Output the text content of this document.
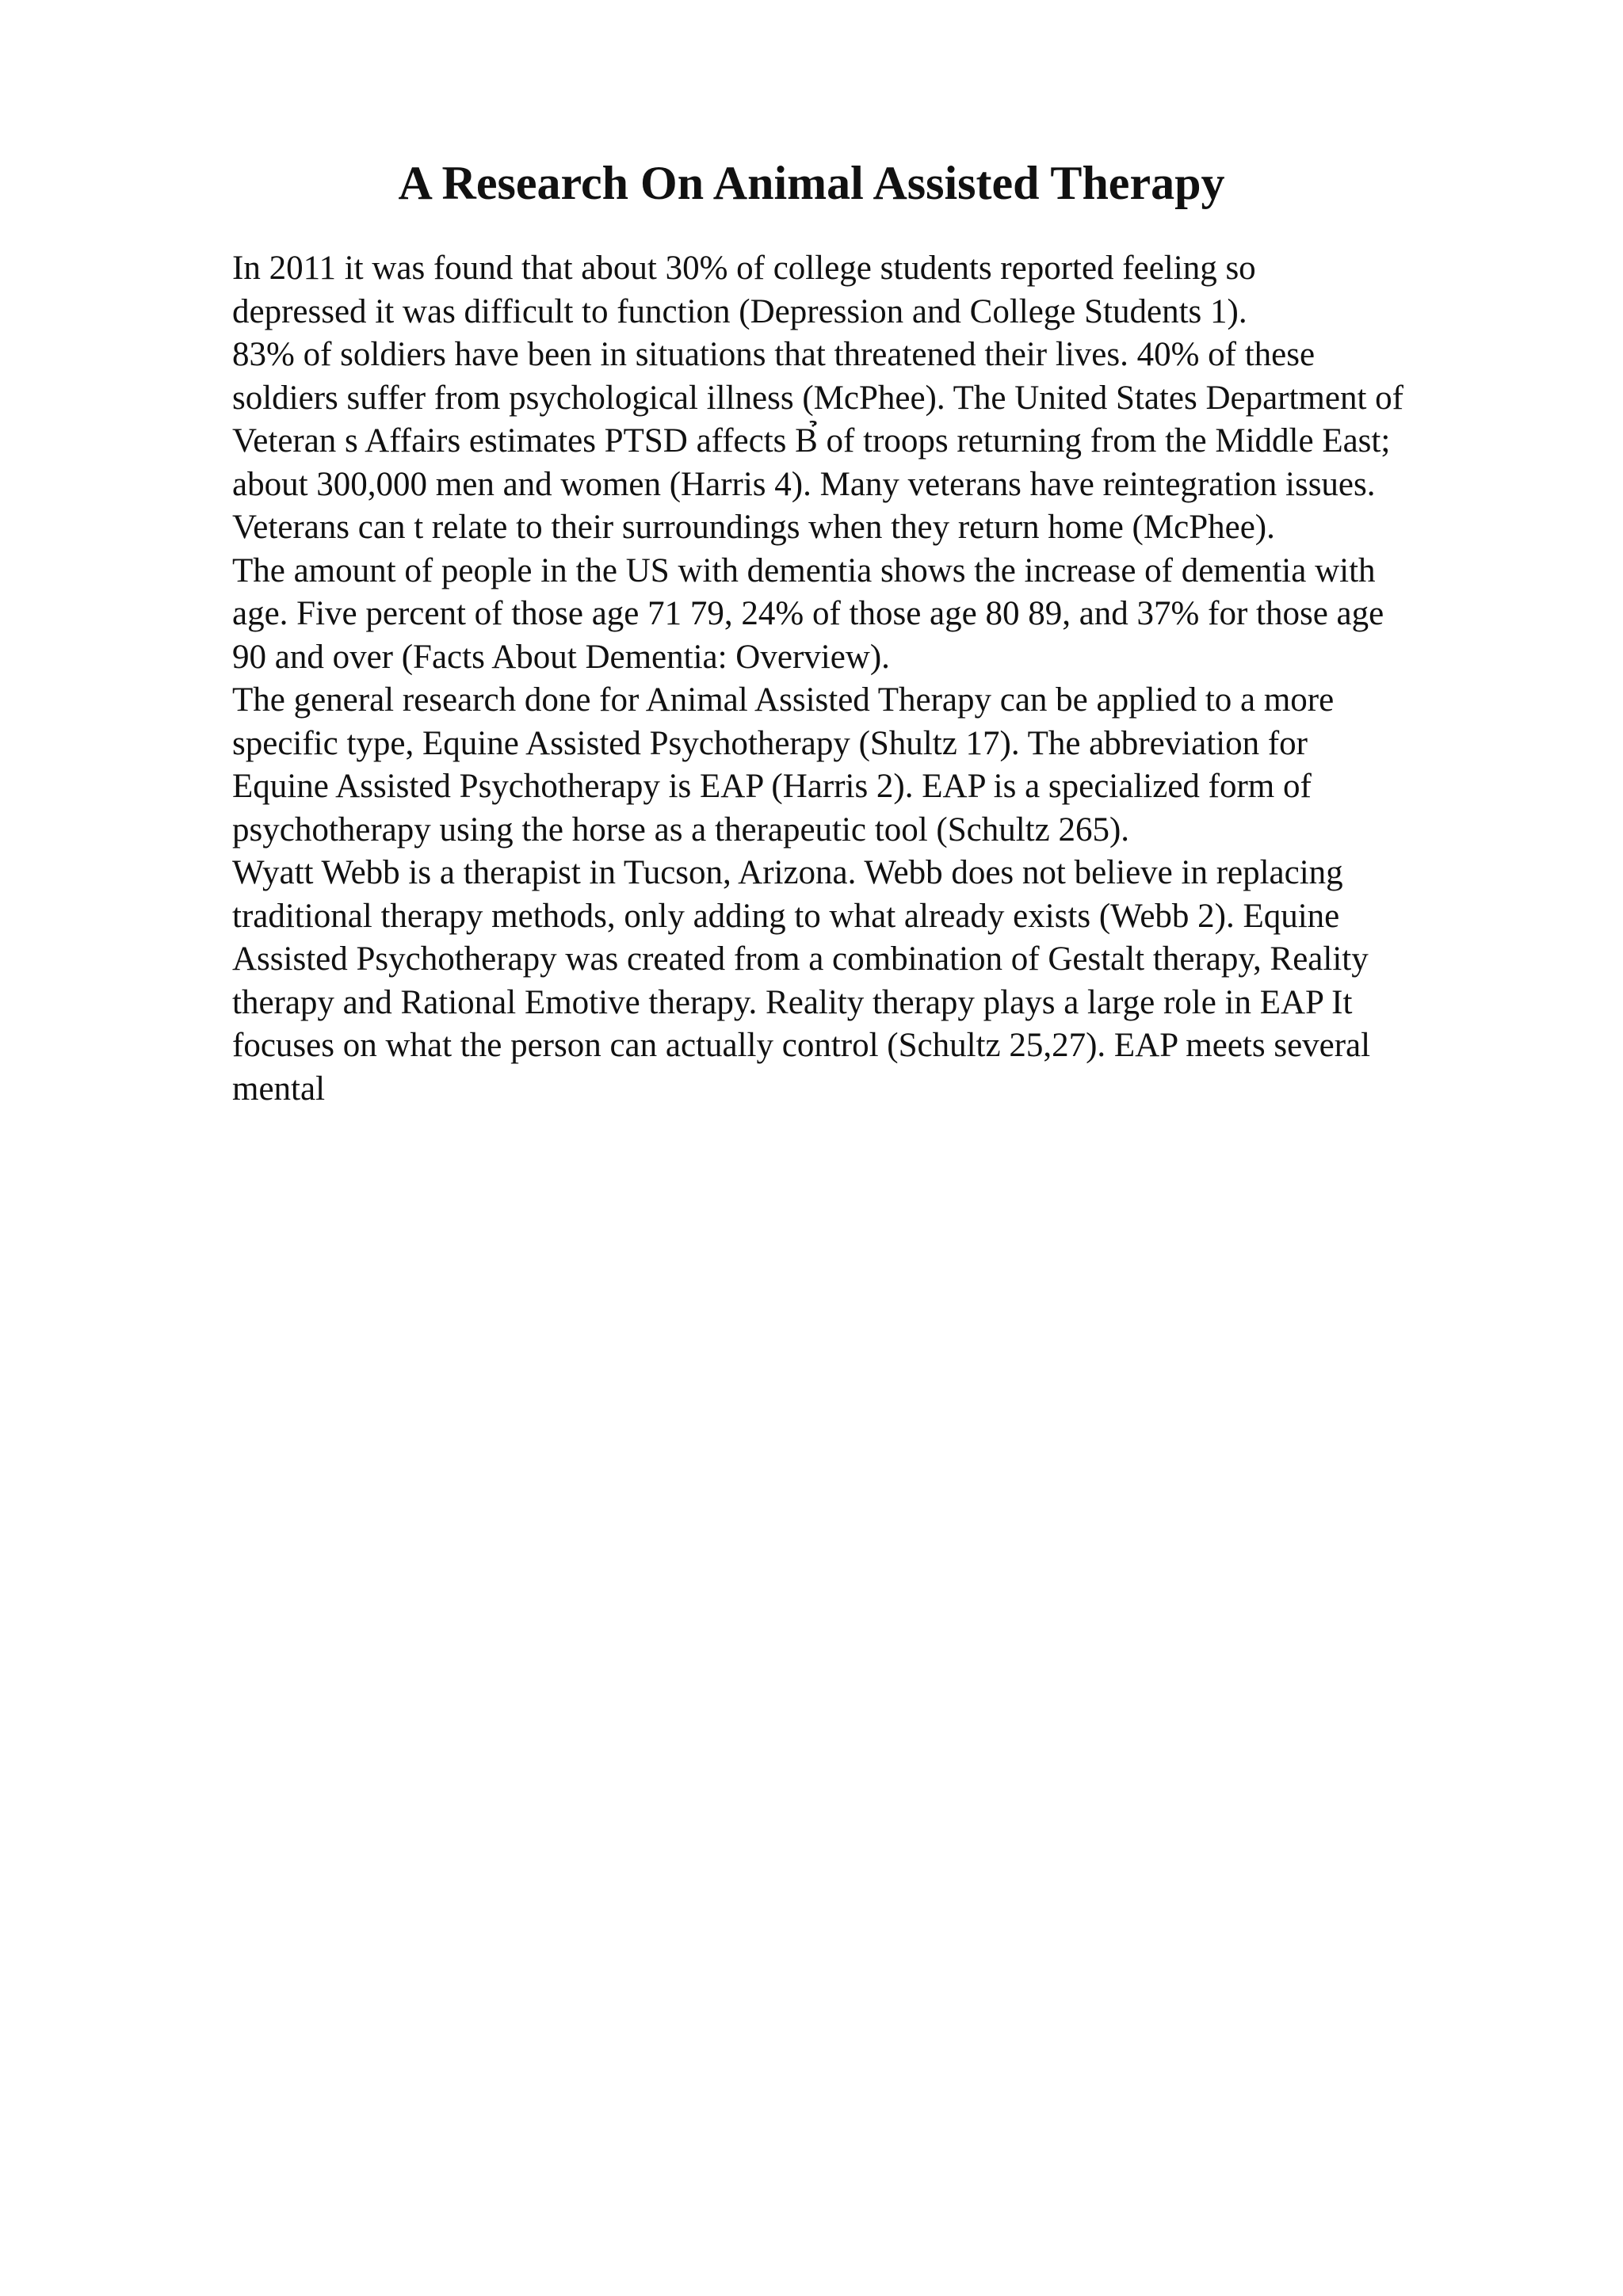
A Research On Animal Assisted Therapy
In 2011 it was found that about 30% of college students reported feeling so
depressed it was difficult to function (Depression and College Students 1).
83% of soldiers have been in situations that threatened their lives. 40% of these
soldiers suffer from psychological illness (McPhee). The United States Department of
Veteran s Affairs estimates PTSD affects B̉ of troops returning from the Middle East;
about 300,000 men and women (Harris 4). Many veterans have reintegration issues.
Veterans can t relate to their surroundings when they return home (McPhee).
The amount of people in the US with dementia shows the increase of dementia with
age. Five percent of those age 71 79, 24% of those age 80 89, and 37% for those age
90 and over (Facts About Dementia: Overview).
The general research done for Animal Assisted Therapy can be applied to a more
specific type, Equine Assisted Psychotherapy (Shultz 17). The abbreviation for
Equine Assisted Psychotherapy is EAP (Harris 2). EAP is a specialized form of
psychotherapy using the horse as a therapeutic tool (Schultz 265).
Wyatt Webb is a therapist in Tucson, Arizona. Webb does not believe in replacing
traditional therapy methods, only adding to what already exists (Webb 2). Equine
Assisted Psychotherapy was created from a combination of Gestalt therapy, Reality
therapy and Rational Emotive therapy. Reality therapy plays a large role in EAP It
focuses on what the person can actually control (Schultz 25,27). EAP meets several
mental
